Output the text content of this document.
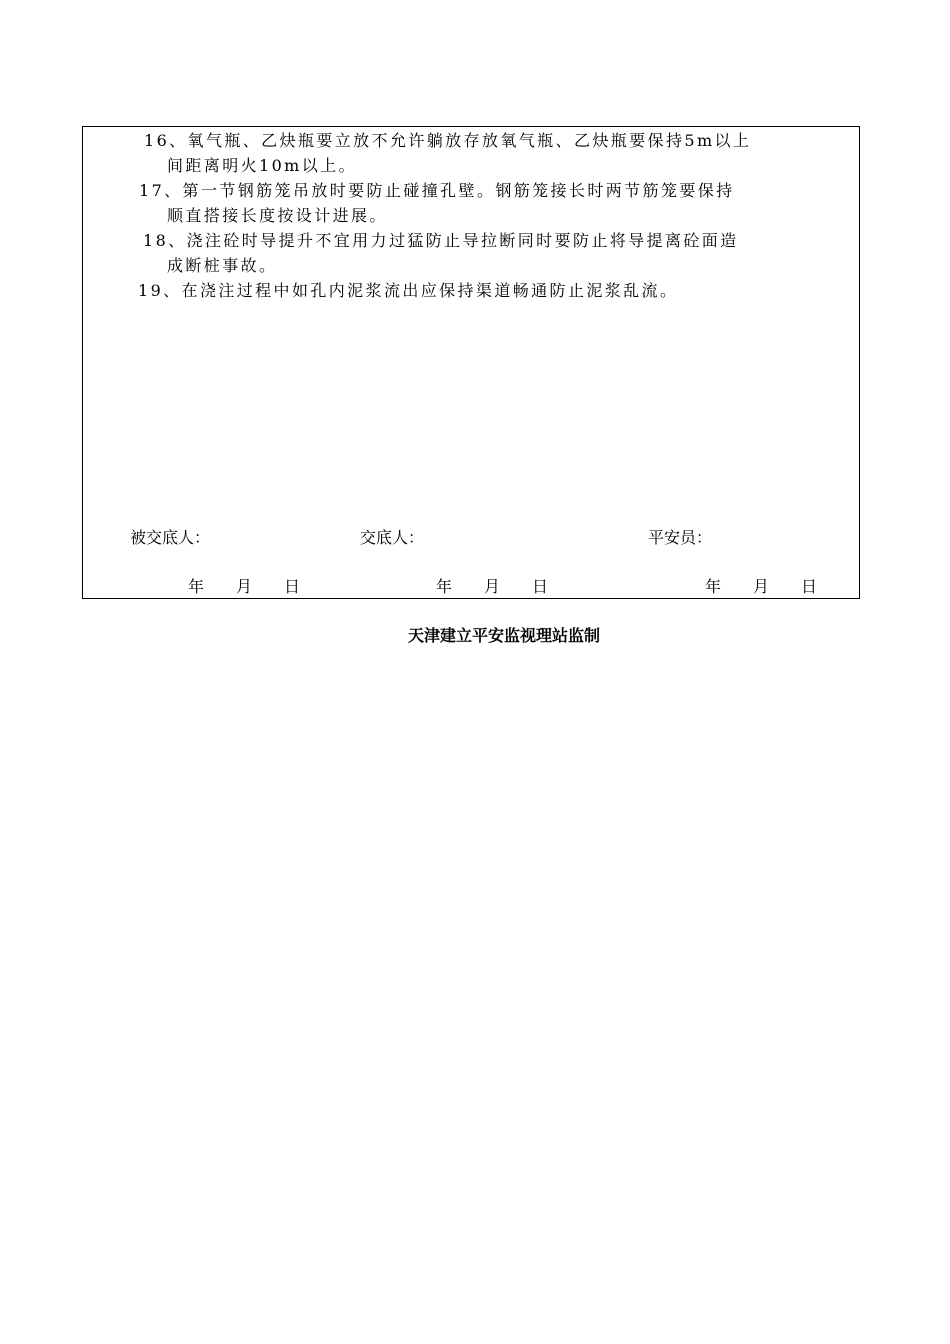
16、氧气瓶、乙炔瓶要立放不允许躺放存放氧气瓶、乙炔瓶要保持5m以上
间距离明火10m以上。
17、第一节钢筋笼吊放时要防止碰撞孔壁。钢筋笼接长时两节筋笼要保持
顺直搭接长度按设计进展。
18、浇注砼时导提升不宜用力过猛防止导拉断同时要防止将导提离砼面造
成断桩事故。
19、在浇注过程中如孔内泥浆流出应保持渠道畅通防止泥浆乱流。
被交底人：	交底人：	平安员：
年 月 日	年 月 日	年 月 日
天津建立平安监视理站监制
